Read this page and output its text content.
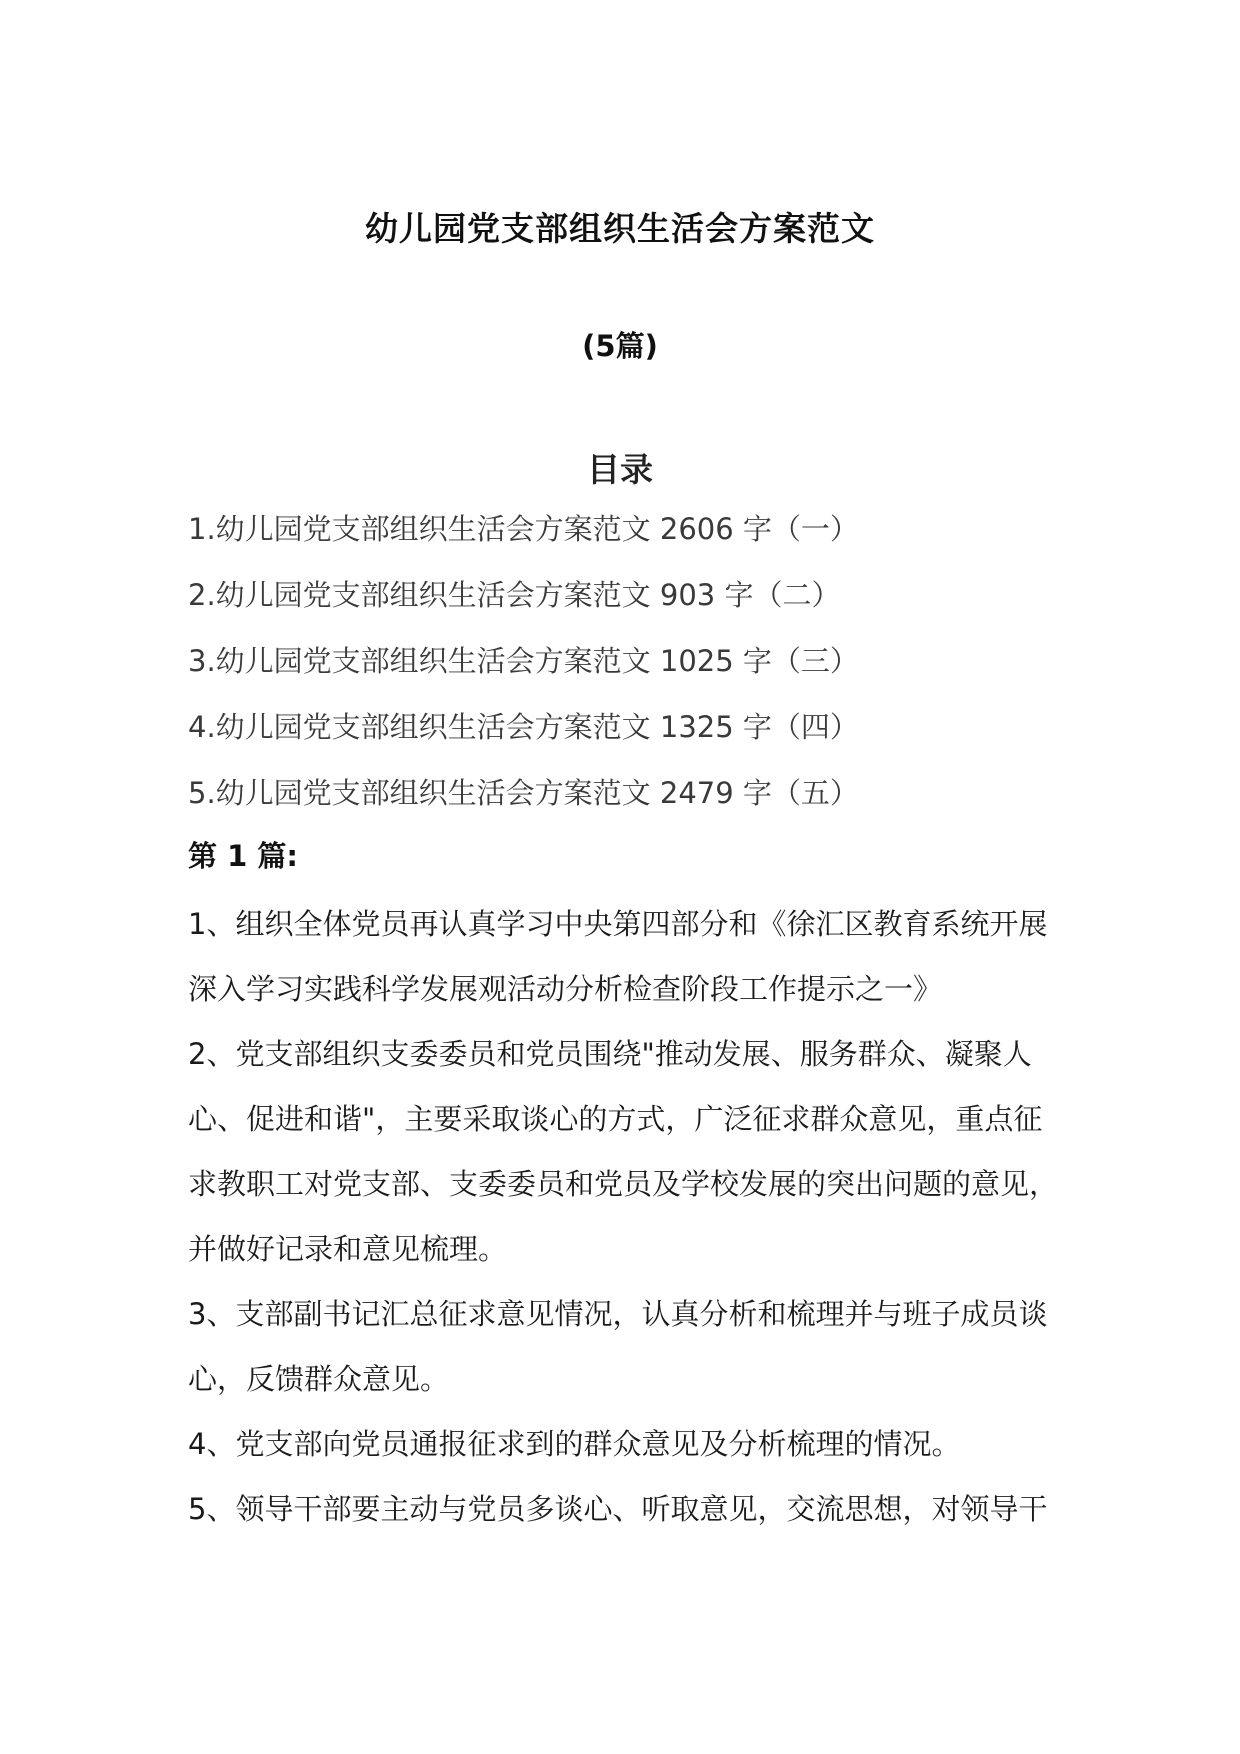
幼儿园党支部组织生活会方案范文
(5篇)
目录
1.幼儿园党支部组织生活会方案范文 2606 字（一）
2.幼儿园党支部组织生活会方案范文 903 字（二）
3.幼儿园党支部组织生活会方案范文 1025 字（三）
4.幼儿园党支部组织生活会方案范文 1325 字（四）
5.幼儿园党支部组织生活会方案范文 2479 字（五）
第 1 篇:

1、组织全体党员再认真学习中央第四部分和《徐汇区教育系统开展

深入学习实践科学发展观活动分析检查阶段工作提示之一》

2、党支部组织支委委员和党员围绕"推动发展、服务群众、凝聚人

心、促进和谐"，主要采取谈心的方式，广泛征求群众意见，重点征

求教职工对党支部、支委委员和党员及学校发展的突出问题的意见，

并做好记录和意见梳理。

3、支部副书记汇总征求意见情况，认真分析和梳理并与班子成员谈

心，反馈群众意见。

4、党支部向党员通报征求到的群众意见及分析梳理的情况。

5、领导干部要主动与党员多谈心、听取意见，交流思想，对领导干
